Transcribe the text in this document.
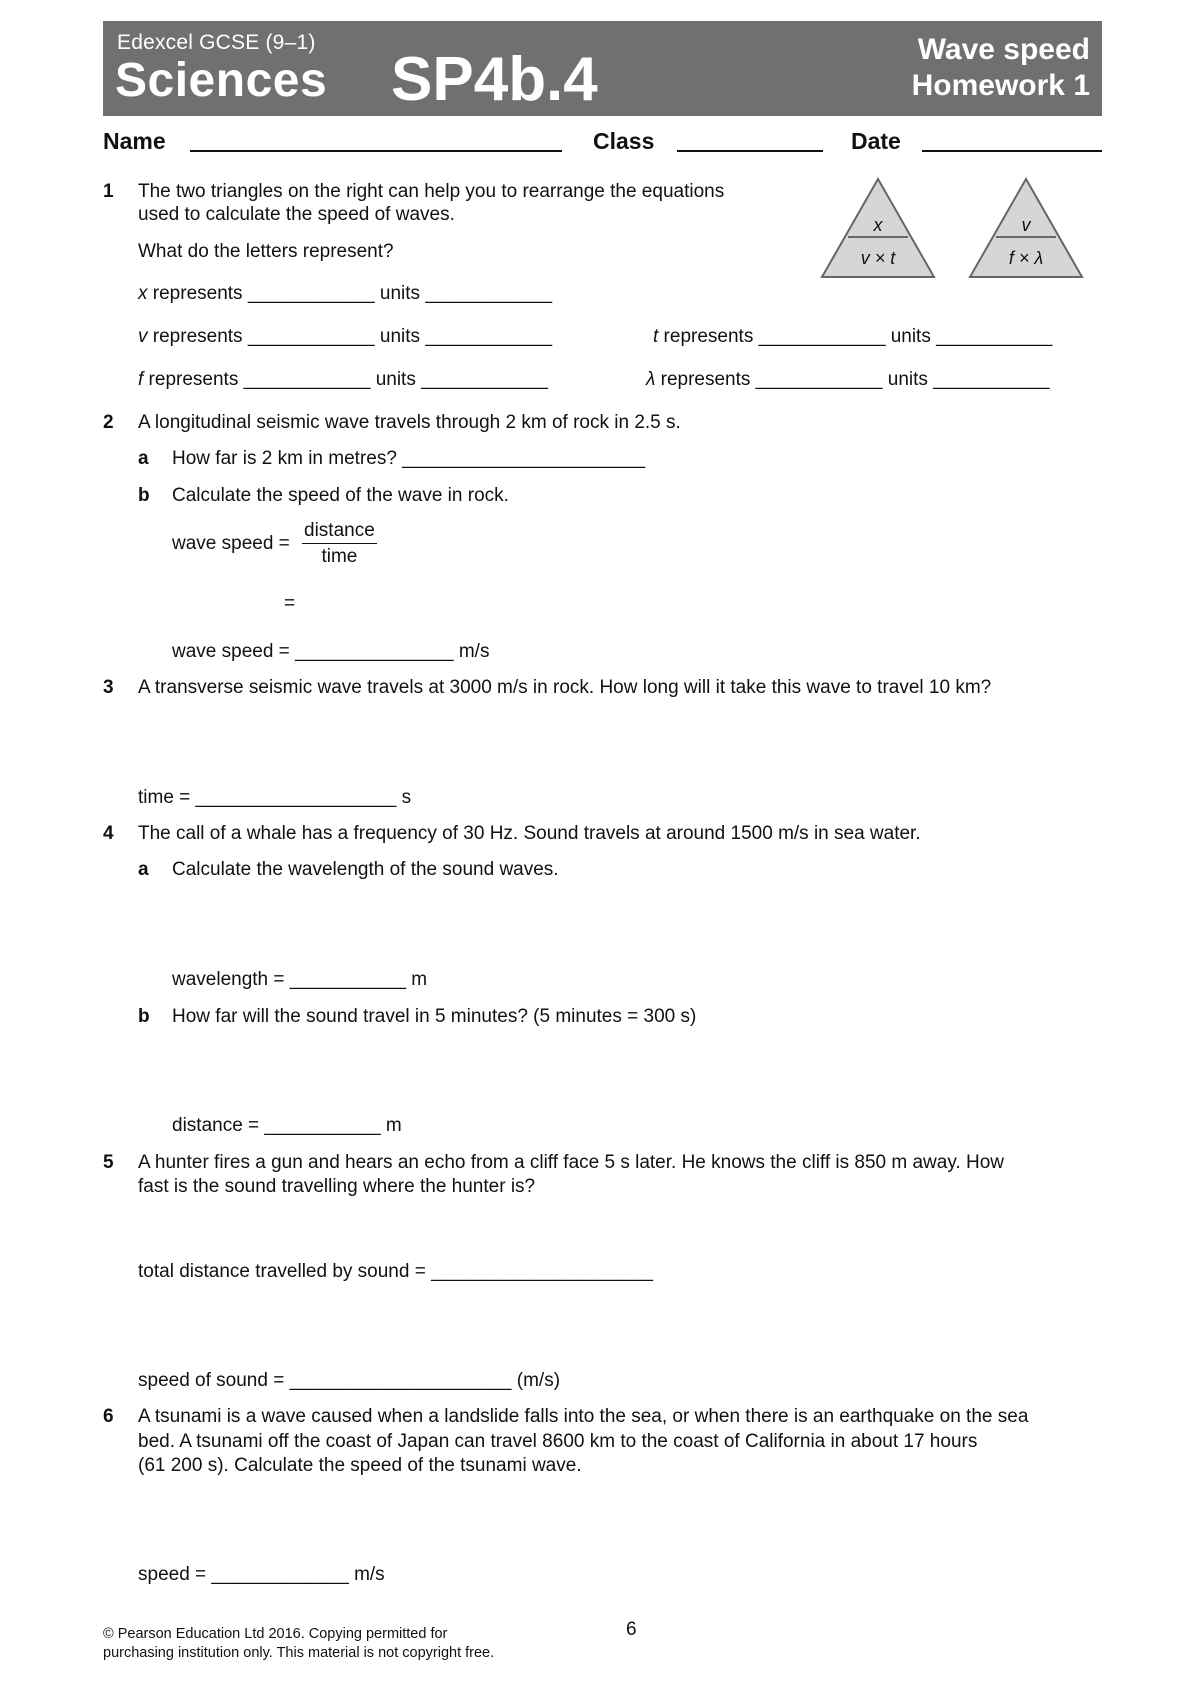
Edexcel GCSE (9–1)
Sciences SP4b.4	Wave speed
Homework 1
Name	Class	Date
1 The two triangles on the right can help you to rearrange the equations
used to calculate the speed of waves.
What do the letters represent?
x represents ____________ units ____________
v represents ____________ units ____________	t represents ____________ units ___________
f represents ____________ units ____________	λ represents ____________ units ___________
x
v × t
v
f × λ
2 A longitudinal seismic wave travels through 2 km of rock in 2.5 s.
a How far is 2 km in metres? _______________________
b Calculate the speed of the wave in rock.
wave speed =
distance
time
=
wave speed = _______________ m/s
3 A transverse seismic wave travels at 3000 m/s in rock. How long will it take this wave to travel 10 km?
time = ___________________ s
4 The call of a whale has a frequency of 30 Hz. Sound travels at around 1500 m/s in sea water.
a Calculate the wavelength of the sound waves.
wavelength = ___________ m
b How far will the sound travel in 5 minutes? (5 minutes = 300 s)
distance = ___________ m
5 A hunter fires a gun and hears an echo from a cliff face 5 s later. He knows the cliff is 850 m away. How
fast is the sound travelling where the hunter is?
total distance travelled by sound = _____________________
speed of sound = _____________________ (m/s)
6 A tsunami is a wave caused when a landslide falls into the sea, or when there is an earthquake on the sea
bed. A tsunami off the coast of Japan can travel 8600 km to the coast of California in about 17 hours
(61 200 s). Calculate the speed of the tsunami wave.
speed = _____________ m/s
© Pearson Education Ltd 2016. Copying permitted for
purchasing institution only. This material is not copyright free.
6
